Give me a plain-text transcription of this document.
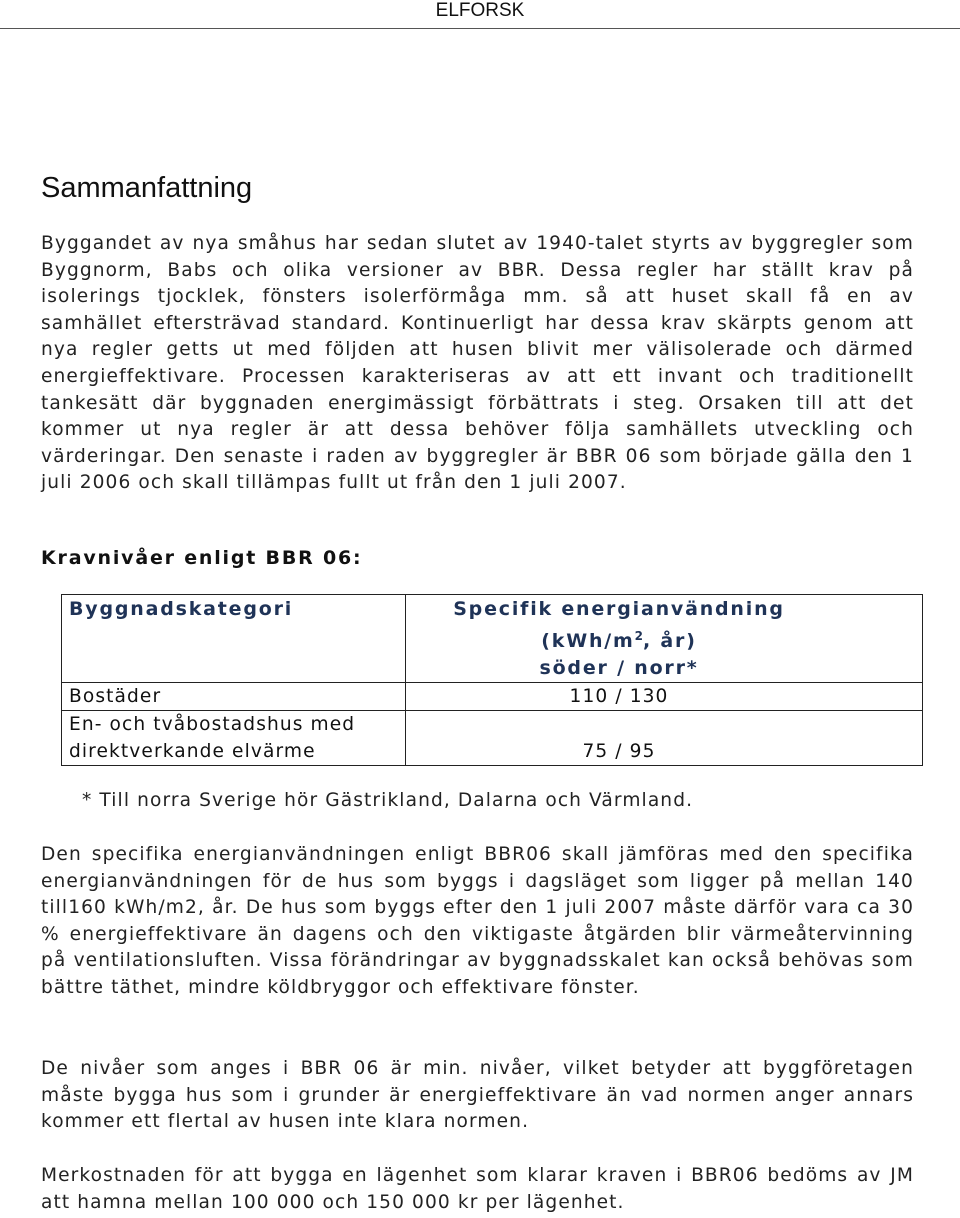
ELFORSK
Sammanfattning

Byggandet av nya småhus har sedan slutet av 1940-talet styrts av byggregler som Byggnorm, Babs och olika versioner av BBR. Dessa regler har ställt krav på isolerings tjocklek, fönsters isolerförmåga mm. så att huset skall få en av samhället eftersträvad standard. Kontinuerligt har dessa krav skärpts genom att nya regler getts ut med följden att husen blivit mer välisolerade och därmed energieffektivare. Processen karakteriseras av att ett invant och traditionellt tankesätt där byggnaden energimässigt förbättrats i steg. Orsaken till att det kommer ut nya regler är att dessa behöver följa samhällets utveckling och värderingar. Den senaste i raden av byggregler är BBR 06 som började gälla den 1 juli 2006 och skall tillämpas fullt ut från den 1 juli 2007.

Kravnivåer enligt BBR 06:

Byggnadskategori	Specifik energianvändning
($kWh/m^2$, år)
söder / norr*

Bostäder	110 / 130

En- och tvåbostadshus med
direktverkande elvärme	75 / 95

* Till norra Sverige hör Gästrikland, Dalarna och Värmland.

Den specifika energianvändningen enligt BBR06 skall jämföras med den specifika energianvändningen för de hus som byggs i dagsläget som ligger på mellan 140 till160 kWh/m2, år. De hus som byggs efter den 1 juli 2007 måste därför vara ca 30 % energieffektivare än dagens och den viktigaste åtgärden blir värmeåtervinning på ventilationsluften. Vissa förändringar av byggnadsskalet kan också behövas som bättre täthet, mindre köldbryggor och effektivare fönster.

De nivåer som anges i BBR 06 är min. nivåer, vilket betyder att byggföretagen måste bygga hus som i grunder är energieffektivare än vad normen anger annars kommer ett flertal av husen inte klara normen.

Merkostnaden för att bygga en lägenhet som klarar kraven i BBR06 bedöms av JM att hamna mellan 100 000 och 150 000 kr per lägenhet.
